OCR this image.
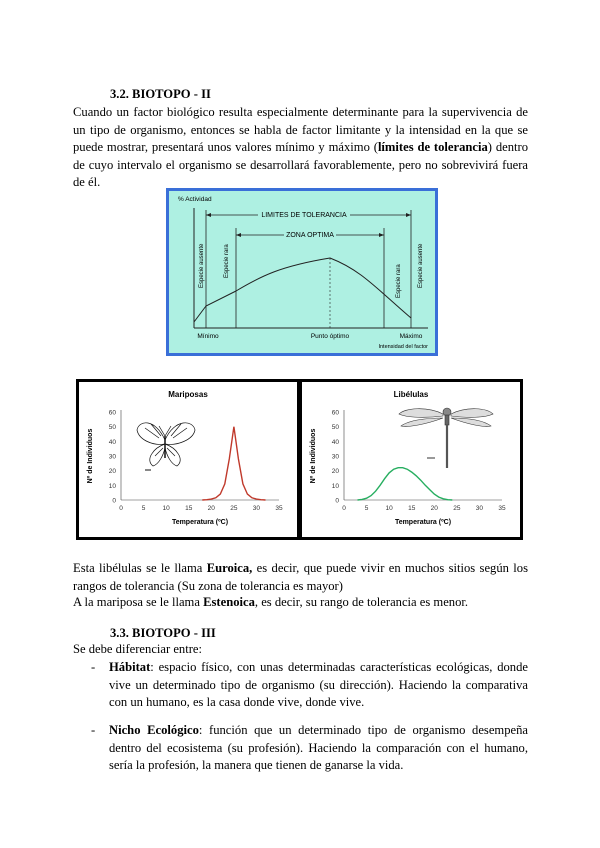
3.2. BIOTOPO - II
Cuando un factor biológico resulta especialmente determinante para la supervivencia de un tipo de organismo, entonces se habla de factor limitante y la intensidad en la que se puede mostrar, presentará unos valores mínimo y máximo (límites de tolerancia) dentro de cuyo intervalo el organismo se desarrollará favorablemente, pero no sobrevivirá fuera de él.
% Actividad
LIMITES DE TOLERANCIA
ZONA OPTIMA
Especie ausente	Especie rara
Especie rara	Especie ausente
Mínimo	Punto óptimo	Máximo
Intensidad del factor
Mariposas
0
10
20
30
40
50
60
0	5	10 15 20 25 30 35
Temperatura (ºC)
Nº de Individuos
Libélulas
0
10
20
30
40
50
60
0	5	10 15 20 25 30 35
Temperatura (ºC)
Nº de Individuos
Esta libélulas se le llama Euroica, es decir, que puede vivir en muchos sitios según los rangos de tolerancia (Su zona de tolerancia es mayor)
A la mariposa se le llama Estenoica, es decir, su rango de tolerancia es menor.
3.3. BIOTOPO - III
Se debe diferenciar entre:
- Hábitat: espacio físico, con unas determinadas características ecológicas, donde vive un determinado tipo de organismo (su dirección). Haciendo la comparativa con un humano, es la casa donde vive, donde vive.
- Nicho Ecológico: función que un determinado tipo de organismo desempeña dentro del ecosistema (su profesión). Haciendo la comparación con el humano, sería la profesión, la manera que tienen de ganarse la vida.
